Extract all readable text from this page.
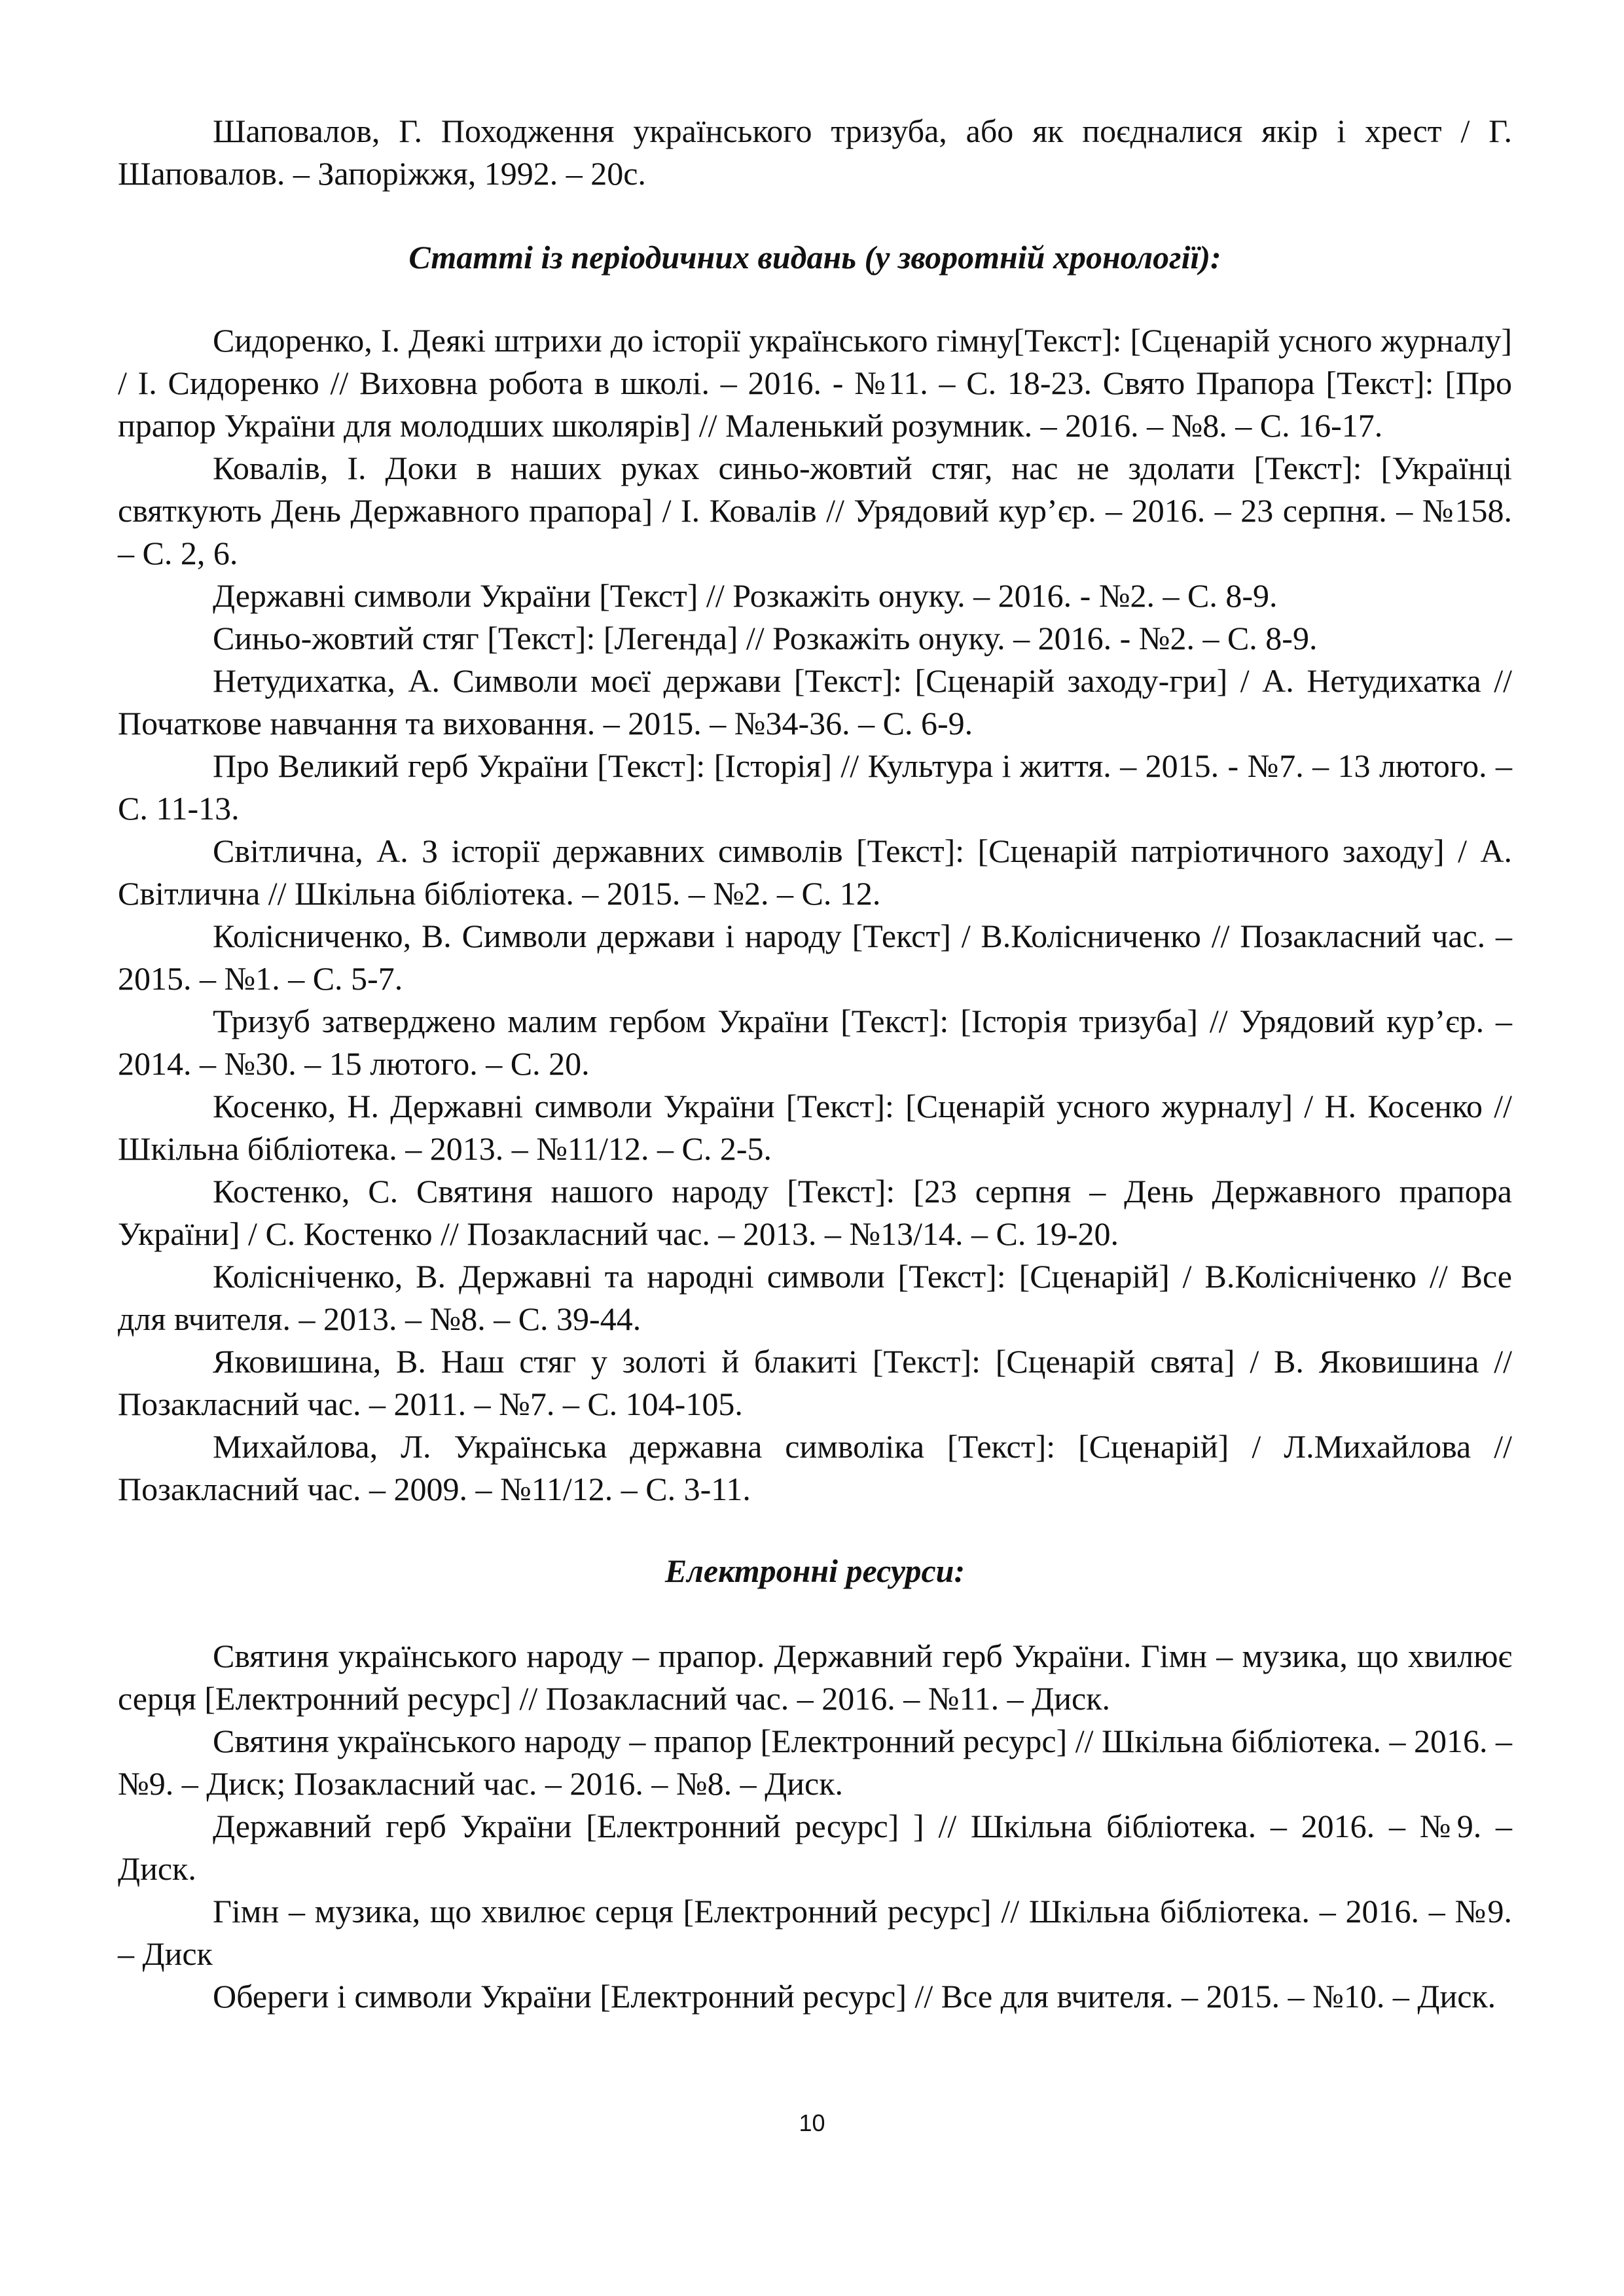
Шаповалов, Г. Походження українського тризуба, або як поєдналися якір і хрест / Г. Шаповалов. – Запоріжжя, 1992. – 20с.

Статті із періодичних видань (у зворотній хронології):

Сидоренко, І. Деякі штрихи до історії українського гімну[Текст]: [Сценарій усного журналу] / І. Сидоренко // Виховна робота в школі. – 2016. - №11. – С. 18-23. Свято Прапора [Текст]: [Про прапор України для молодших школярів] // Маленький розумник. – 2016. – №8. – С. 16-17.

Ковалів, І. Доки в наших руках синьо-жовтий стяг, нас не здолати [Текст]: [Українці святкують День Державного прапора] / І. Ковалів // Урядовий кур’єр. – 2016. – 23 серпня. – №158. – С. 2, 6.

Державні символи України [Текст] // Розкажіть онуку. – 2016. - №2. – С. 8-9.

Синьо-жовтий стяг [Текст]: [Легенда] // Розкажіть онуку. – 2016. - №2. – С. 8-9.

Нетудихатка, А. Символи моєї держави [Текст]: [Сценарій заходу-гри] / А. Нетудихатка // Початкове навчання та виховання. – 2015. – №34-36. – С. 6-9.

Про Великий герб України [Текст]: [Історія] // Культура і життя. – 2015. - №7. – 13 лютого. – С. 11-13.

Світлична, А. З історії державних символів [Текст]: [Сценарій патріотичного заходу] / А. Світлична // Шкільна бібліотека. – 2015. – №2. – С. 12.

Колісниченко, В. Символи держави і народу [Текст] / В.Колісниченко // Позакласний час. – 2015. – №1. – С. 5-7.

Тризуб затверджено малим гербом України [Текст]: [Історія тризуба] // Урядовий кур’єр. – 2014. – №30. – 15 лютого. – С. 20.

Косенко, Н. Державні символи України [Текст]: [Сценарій усного журналу] / Н. Косенко // Шкільна бібліотека. – 2013. – №11/12. – С. 2-5.

Костенко, С. Святиня нашого народу [Текст]: [23 серпня – День Державного прапора України] / С. Костенко // Позакласний час. – 2013. – №13/14. – С. 19-20.

Колісніченко, В. Державні та народні символи [Текст]: [Сценарій] / В.Колісніченко // Все для вчителя. – 2013. – №8. – С. 39-44.

Яковишина, В. Наш стяг у золоті й блакиті [Текст]: [Сценарій свята] / В. Яковишина // Позакласний час. – 2011. – №7. – С. 104-105.

Михайлова, Л. Українська державна символіка [Текст]: [Сценарій] / Л.Михайлова // Позакласний час. – 2009. – №11/12. – С. 3-11.

Електронні ресурси:

Святиня українського народу – прапор. Державний герб України. Гімн – музика, що хвилює серця [Електронний ресурс] // Позакласний час. – 2016. – №11. – Диск.

Святиня українського народу – прапор [Електронний ресурс] // Шкільна бібліотека. – 2016. – №9. – Диск; Позакласний час. – 2016. – №8. – Диск.

Державний герб України [Електронний ресурс] ] // Шкільна бібліотека. – 2016. – №9. – Диск.

Гімн – музика, що хвилює серця [Електронний ресурс] // Шкільна бібліотека. – 2016. – №9. – Диск

Обереги і символи України [Електронний ресурс] // Все для вчителя. – 2015. – №10. – Диск.

10
